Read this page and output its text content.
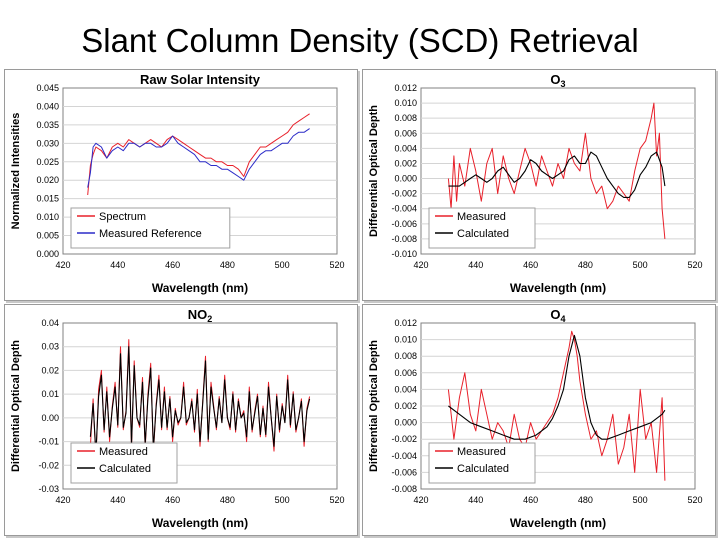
Slant Column Density (SCD) Retrieval
0.000
0.005
0.010
0.015
0.020
0.025
0.030
0.035
0.040
0.045
420	440	460	480	500	520
Wavelength (nm)
Normalized Intensities
Raw Solar Intensity
Spectrum
Measured Reference
-0.010
-0.008
-0.006
-0.004
-0.002
0.000
0.002
0.004
0.006
0.008
0.010
0.012
420	440	460	480	500	520
Wavelength (nm)
Differential Optical Depth
$O_3$
Measured
Calculated
-0.03
-0.02
-0.01
0.00
0.01
0.02
0.03
0.04
420	440	460	480	500	520
Wavelength (nm)
Differential Optical Depth
$NO_2$
Measured
Calculated
-0.008
-0.006
-0.004
-0.002
0.000
0.002
0.004
0.006
0.008
0.010
0.012
420	440	460	480	500	520
Wavelength (nm)
Differential Optical Depth
$O_4$
Measured
Calculated
